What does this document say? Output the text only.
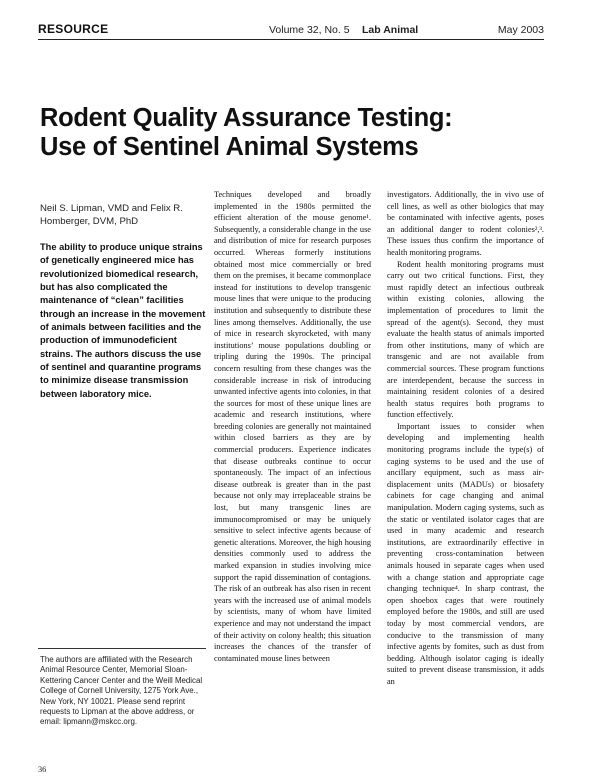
RESOURCE	Volume 32, No. 5 Lab Animal	May 2003
Rodent Quality Assurance Testing:
Use of Sentinel Animal Systems

Neil S. Lipman, VMD and Felix R. Homberger, DVM, PhD

The ability to produce unique strains of genetically engineered mice has revolutionized biomedical research, but has also complicated the maintenance of “clean” facilities through an increase in the movement of animals between facilities and the production of immunodeficient strains. The authors discuss the use of sentinel and quarantine programs to minimize disease transmission between laboratory mice.

The authors are affiliated with the Research Animal Resource Center, Memorial Sloan-Kettering Cancer Center and the Weill Medical College of Cornell University, 1275 York Ave., New York, NY 10021. Please send reprint requests to Lipman at the above address, or email: lipmann@mskcc.org.

Techniques developed and broadly implemented in the 1980s permitted the efficient alteration of the mouse genome¹. Subsequently, a considerable change in the use and distribution of mice for research purposes occurred. Whereas formerly institutions obtained most mice commercially or bred them on the premises, it became commonplace instead for institutions to develop transgenic mouse lines that were unique to the producing institution and subsequently to distribute these lines among themselves. Additionally, the use of mice in research skyrocketed, with many institutions’ mouse populations doubling or tripling during the 1990s. The principal concern resulting from these changes was the considerable increase in risk of introducing unwanted infective agents into colonies, in that the sources for most of these unique lines are academic and research institutions, where breeding colonies are generally not maintained within closed barriers as they are by commercial producers. Experience indicates that disease outbreaks continue to occur spontaneously. The impact of an infectious disease outbreak is greater than in the past because not only may irreplaceable strains be lost, but many transgenic lines are immunocompromised or may be uniquely sensitive to select infective agents because of genetic alterations. Moreover, the high housing densities commonly used to address the marked expansion in studies involving mice support the rapid dissemination of contagions. The risk of an outbreak has also risen in recent years with the increased use of animal models by scientists, many of whom have limited experience and may not understand the impact of their activity on colony health; this situation increases the chances of the transfer of contaminated mouse lines between

investigators. Additionally, the in vivo use of cell lines, as well as other biologics that may be contaminated with infective agents, poses an additional danger to rodent colonies²,³. These issues thus confirm the importance of health monitoring programs.

Rodent health monitoring programs must carry out two critical functions. First, they must rapidly detect an infectious outbreak within existing colonies, allowing the implementation of procedures to limit the spread of the agent(s). Second, they must evaluate the health status of animals imported from other institutions, many of which are transgenic and are not available from commercial sources. These program functions are interdependent, because the success in maintaining resident colonies of a desired health status requires both programs to function effectively.

Important issues to consider when developing and implementing health monitoring programs include the type(s) of caging systems to be used and the use of ancillary equipment, such as mass air-displacement units (MADUs) or biosafety cabinets for cage changing and animal manipulation. Modern caging systems, such as the static or ventilated isolator cages that are used in many academic and research institutions, are extraordinarily effective in preventing cross-contamination between animals housed in separate cages when used with a change station and appropriate cage changing technique⁴. In sharp contrast, the open shoebox cages that were routinely employed before the 1980s, and still are used today by most commercial vendors, are conducive to the transmission of many infective agents by fomites, such as dust from bedding. Although isolator caging is ideally suited to prevent disease transmission, it adds an

36
